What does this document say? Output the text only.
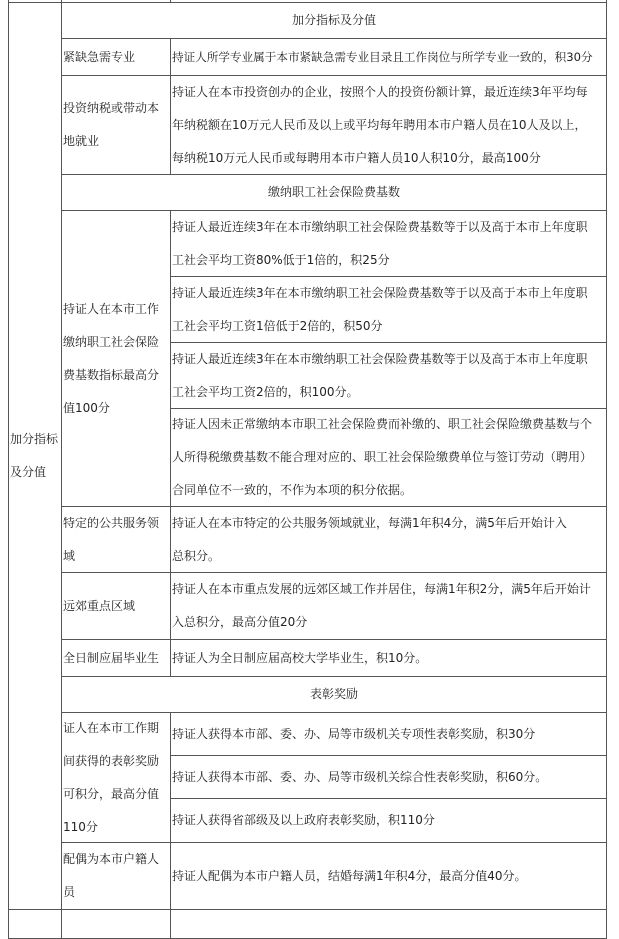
加分指标及分值
加分指标及分值
紧缺急需专业	持证人所学专业属于本市紧缺急需专业目录且工作岗位与所学专业一致的，积30分
投资纳税或带动本地就业
持证人在本市投资创办的企业，按照个人的投资份额计算，最近连续3年平均每年纳税额在10万元人民币及以上或平均每年聘用本市户籍人员在10人及以上，每纳税10万元人民币或每聘用本市户籍人员10人积10分，最高100分
缴纳职工社会保险费基数
持证人在本市工作缴纳职工社会保险费基数指标最高分值100分
持证人最近连续3年在本市缴纳职工社会保险费基数等于以及高于本市上年度职工社会平均工资80%低于1倍的，积25分
持证人最近连续3年在本市缴纳职工社会保险费基数等于以及高于本市上年度职工社会平均工资1倍低于2倍的，积50分
持证人最近连续3年在本市缴纳职工社会保险费基数等于以及高于本市上年度职工社会平均工资2倍的，积100分。
持证人因未正常缴纳本市职工社会保险费而补缴的、职工社会保险缴费基数与个人所得税缴费基数不能合理对应的、职工社会保险缴费单位与签订劳动（聘用）合同单位不一致的，不作为本项的积分依据。
特定的公共服务领域
持证人在本市特定的公共服务领域就业，每满1年积4分，满5年后开始计入总积分。
远郊重点区域
持证人在本市重点发展的远郊区域工作并居住，每满1年积2分，满5年后开始计入总积分，最高分值20分
全日制应届毕业生	持证人为全日制应届高校大学毕业生，积10分。
表彰奖励
证人在本市工作期间获得的表彰奖励可积分，最高分值110分
持证人获得本市部、委、办、局等市级机关专项性表彰奖励，积30分
持证人获得本市部、委、办、局等市级机关综合性表彰奖励，积60分。
持证人获得省部级及以上政府表彰奖励，积110分
配偶为本市户籍人员
持证人配偶为本市户籍人员，结婚每满1年积4分，最高分值40分。
